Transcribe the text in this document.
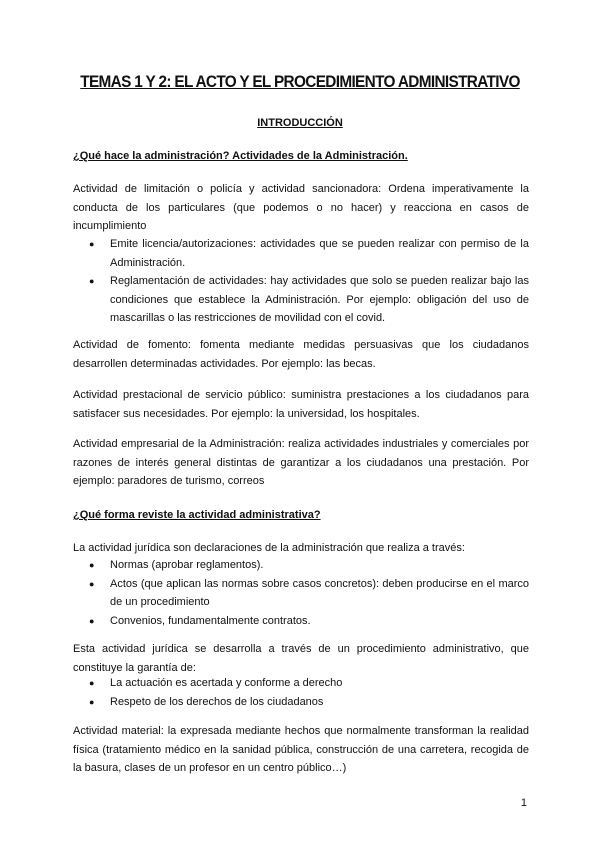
TEMAS 1 Y 2: EL ACTO Y EL PROCEDIMIENTO ADMINISTRATIVO
INTRODUCCIÓN
¿Qué hace la administración? Actividades de la Administración.

Actividad de limitación o policía y actividad sancionadora: Ordena imperativamente la conducta de los particulares (que podemos o no hacer) y reacciona en casos de incumplimiento

● Emite licencia/autorizaciones: actividades que se pueden realizar con permiso de la Administración.
● Reglamentación de actividades: hay actividades que solo se pueden realizar bajo las condiciones que establece la Administración. Por ejemplo: obligación del uso de mascarillas o las restricciones de movilidad con el covid.

Actividad de fomento: fomenta mediante medidas persuasivas que los ciudadanos desarrollen determinadas actividades. Por ejemplo: las becas.

Actividad prestacional de servicio público: suministra prestaciones a los ciudadanos para satisfacer sus necesidades. Por ejemplo: la universidad, los hospitales.

Actividad empresarial de la Administración: realiza actividades industriales y comerciales por razones de interés general distintas de garantizar a los ciudadanos una prestación. Por ejemplo: paradores de turismo, correos

¿Qué forma reviste la actividad administrativa?

La actividad jurídica son declaraciones de la administración que realiza a través:

● Normas (aprobar reglamentos).
● Actos (que aplican las normas sobre casos concretos): deben producirse en el marco de un procedimiento
● Convenios, fundamentalmente contratos.

Esta actividad jurídica se desarrolla a través de un procedimiento administrativo, que constituye la garantía de:

● La actuación es acertada y conforme a derecho
● Respeto de los derechos de los ciudadanos

Actividad material: la expresada mediante hechos que normalmente transforman la realidad física (tratamiento médico en la sanidad pública, construcción de una carretera, recogida de la basura, clases de un profesor en un centro público…)

1
